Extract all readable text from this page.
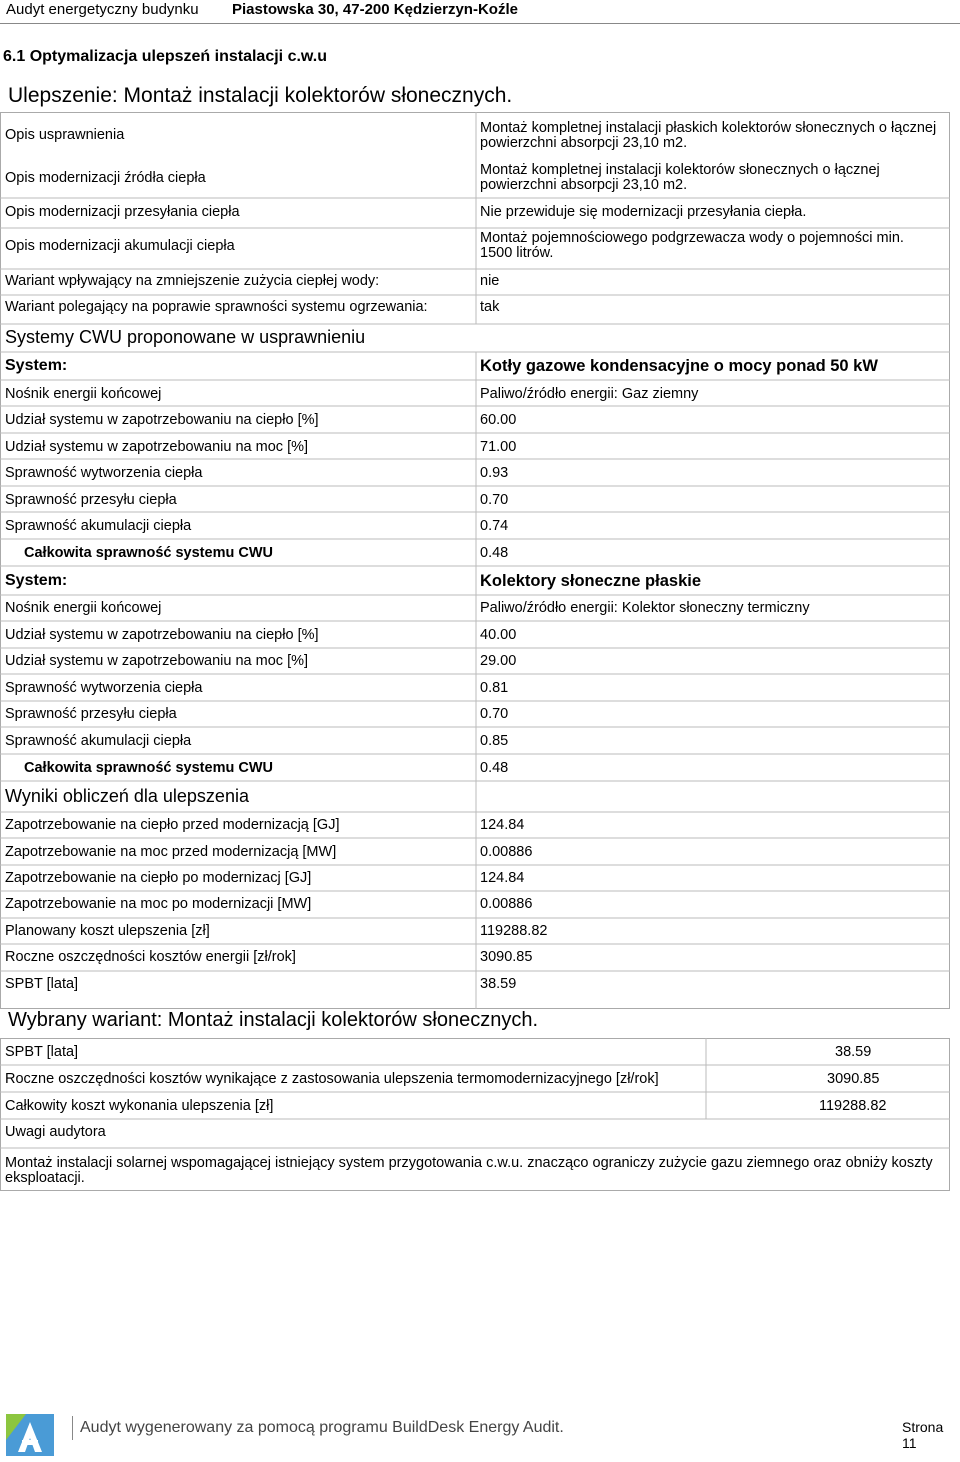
Audyt energetyczny budynku Piastowska 30, 47-200 Kędzierzyn-Koźle
6.1 Optymalizacja ulepszeń instalacji c.w.u
Ulepszenie: Montaż instalacji kolektorów słonecznych.
Opis usprawnienia	Montaż kompletnej instalacji płaskich kolektorów słonecznych o łącznej powierzchni absorpcji 23,10 m2.
Opis modernizacji źródła ciepła	Montaż kompletnej instalacji kolektorów słonecznych o łącznej powierzchni absorpcji 23,10 m2.
Opis modernizacji przesyłania ciepła	Nie przewiduje się modernizacji przesyłania ciepła.
Opis modernizacji akumulacji ciepła	Montaż pojemnościowego podgrzewacza wody o pojemności min. 1500 litrów.
Wariant wpływający na zmniejszenie zużycia ciepłej wody:	nie
Wariant polegający na poprawie sprawności systemu ogrzewania:	tak
Systemy CWU proponowane w usprawnieniu
System:	Kotły gazowe kondensacyjne o mocy ponad 50 kW
Nośnik energii końcowej	Paliwo/źródło energii: Gaz ziemny
Udział systemu w zapotrzebowaniu na ciepło [%]	60.00
Udział systemu w zapotrzebowaniu na moc [%]	71.00
Sprawność wytworzenia ciepła	0.93
Sprawność przesyłu ciepła	0.70
Sprawność akumulacji ciepła	0.74
Całkowita sprawność systemu CWU	0.48
System:	Kolektory słoneczne płaskie
Nośnik energii końcowej	Paliwo/źródło energii: Kolektor słoneczny termiczny
Udział systemu w zapotrzebowaniu na ciepło [%]	40.00
Udział systemu w zapotrzebowaniu na moc [%]	29.00
Sprawność wytworzenia ciepła	0.81
Sprawność przesyłu ciepła	0.70
Sprawność akumulacji ciepła	0.85
Całkowita sprawność systemu CWU	0.48
Wyniki obliczeń dla ulepszenia
Zapotrzebowanie na ciepło przed modernizacją [GJ]	124.84
Zapotrzebowanie na moc przed modernizacją [MW]	0.00886
Zapotrzebowanie na ciepło po modernizacj [GJ]	124.84
Zapotrzebowanie na moc po modernizacji [MW]	0.00886
Planowany koszt ulepszenia [zł]	119288.82
Roczne oszczędności kosztów energii [zł/rok]	3090.85
SPBT [lata]	38.59
Wybrany wariant: Montaż instalacji kolektorów słonecznych.
SPBT [lata]	38.59
Roczne oszczędności kosztów wynikające z zastosowania ulepszenia termomodernizacyjnego [zł/rok]	3090.85
Całkowity koszt wykonania ulepszenia [zł]	119288.82
Uwagi audytora
Montaż instalacji solarnej wspomagającej istniejący system przygotowania c.w.u. znacząco ograniczy zużycie gazu ziemnego oraz obniży koszty eksploatacji.
Audyt wygenerowany za pomocą programu BuildDesk Energy Audit.	Strona 11
